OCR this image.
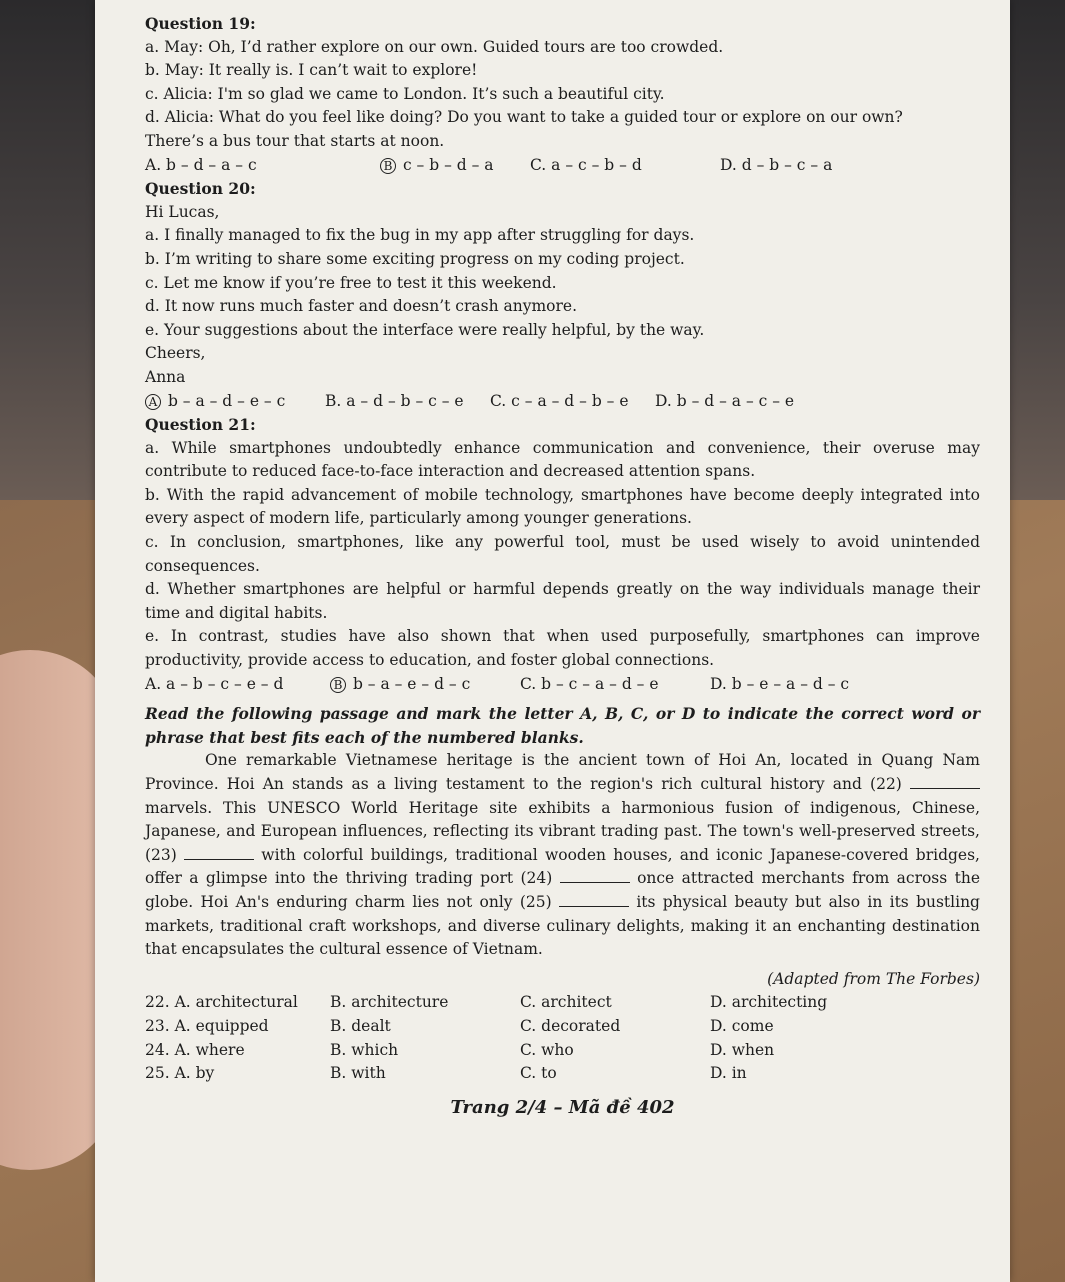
Question 19:
a. May: Oh, I’d rather explore on our own. Guided tours are too crowded.
b. May: It really is. I can’t wait to explore!
c. Alicia: I'm so glad we came to London. It’s such a beautiful city.
d. Alicia: What do you feel like doing? Do you want to take a guided tour or explore on our own?
There’s a bus tour that starts at noon.
A. b – d – a – c	B c – b – d – a	C. a – c – b – d	D. d – b – c – a
Question 20:
Hi Lucas,
a. I finally managed to fix the bug in my app after struggling for days.
b. I’m writing to share some exciting progress on my coding project.
c. Let me know if you’re free to test it this weekend.
d. It now runs much faster and doesn’t crash anymore.
e. Your suggestions about the interface were really helpful, by the way.
Cheers,
Anna
A b – a – d – e – c	B. a – d – b – c – e	C. c – a – d – b – e	D. b – d – a – c – e
Question 21:
a. While smartphones undoubtedly enhance communication and convenience, their overuse may contribute to reduced face-to-face interaction and decreased attention spans.
b. With the rapid advancement of mobile technology, smartphones have become deeply integrated into every aspect of modern life, particularly among younger generations.
c. In conclusion, smartphones, like any powerful tool, must be used wisely to avoid unintended consequences.
d. Whether smartphones are helpful or harmful depends greatly on the way individuals manage their time and digital habits.
e. In contrast, studies have also shown that when used purposefully, smartphones can improve productivity, provide access to education, and foster global connections.
A. a – b – c – e – d	B b – a – e – d – c	C. b – c – a – d – e	D. b – e – a – d – c
Read the following passage and mark the letter A, B, C, or D to indicate the correct word or phrase that best fits each of the numbered blanks.
One remarkable Vietnamese heritage is the ancient town of Hoi An, located in Quang Nam Province. Hoi An stands as a living testament to the region's rich cultural history and (22)  marvels. This UNESCO World Heritage site exhibits a harmonious fusion of indigenous, Chinese, Japanese, and European influences, reflecting its vibrant trading past. The town's well-preserved streets, (23)	with colorful buildings, traditional wooden houses, and iconic Japanese-covered bridges, offer a glimpse into the thriving trading port (24)	once attracted merchants from across the globe. Hoi An's enduring charm lies not only (25)	its physical beauty but also in its bustling markets, traditional craft workshops, and diverse culinary delights, making it an enchanting destination that encapsulates the cultural essence of Vietnam.
(Adapted from The Forbes)
22. A. architectural	B. architecture	C. architect	D. architecting
23. A. equipped	B. dealt	C. decorated	D. come
24. A. where	B. which	C. who	D. when
25. A. by	B. with	C. to	D. in
Trang 2/4 – Mã đề 402
